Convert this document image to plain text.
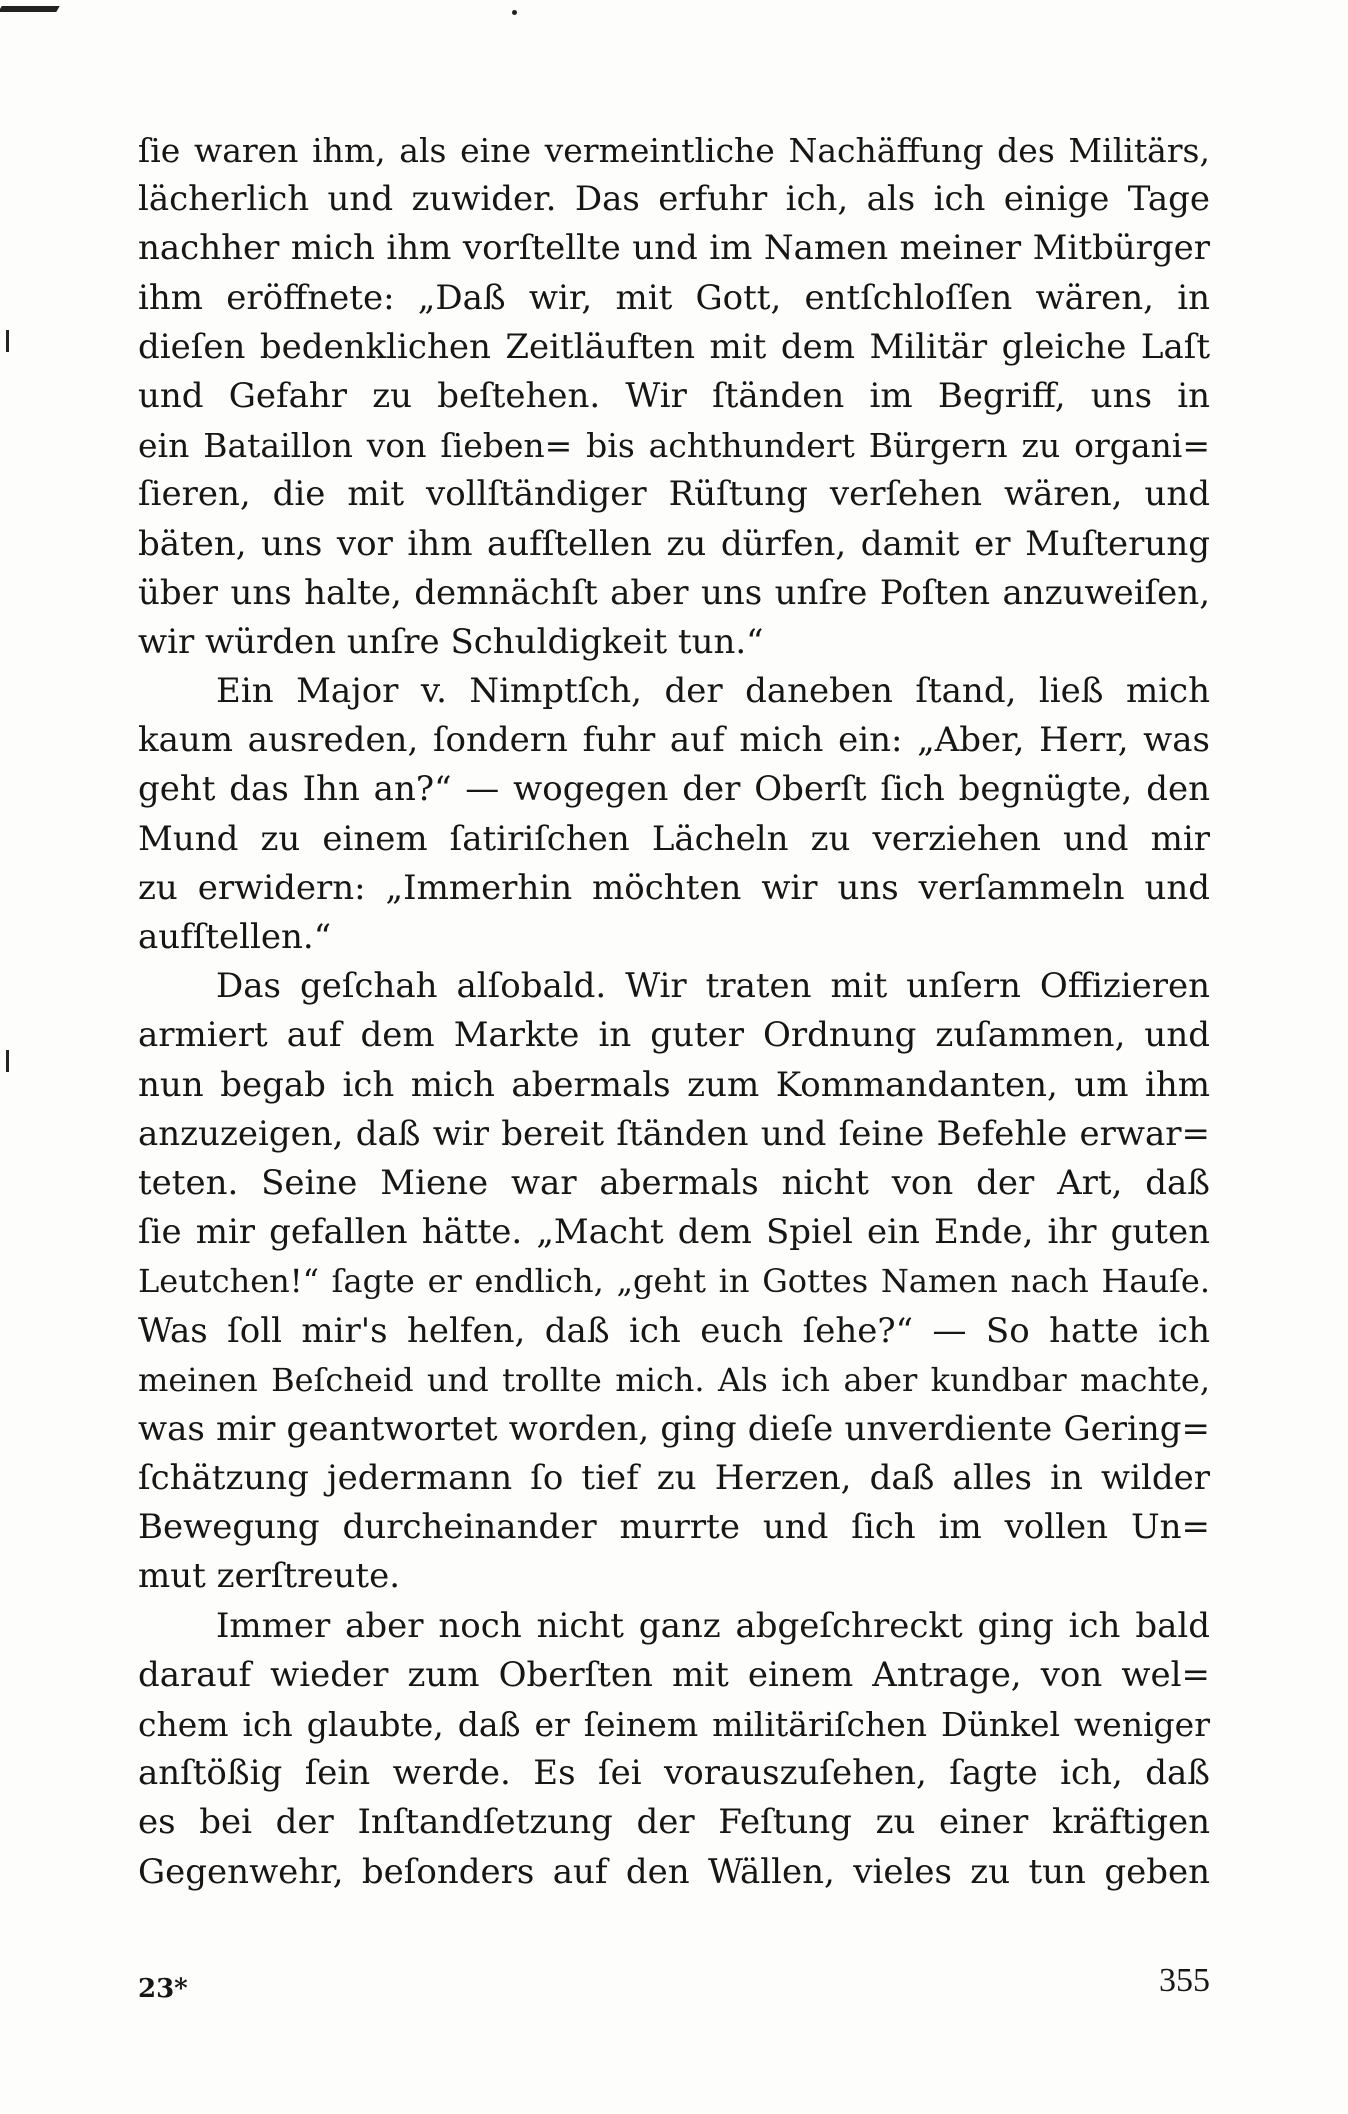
ſie waren ihm, als eine vermeintliche Nachäffung des Militärs,
lächerlich und zuwider. Das erfuhr ich, als ich einige Tage
nachher mich ihm vorſtellte und im Namen meiner Mitbürger
ihm eröffnete: „Daß wir, mit Gott, entſchloſſen wären, in
dieſen bedenklichen Zeitläuften mit dem Militär gleiche Laſt
und Gefahr zu beſtehen. Wir ſtänden im Begriff, uns in
ein Bataillon von ſieben= bis achthundert Bürgern zu organi=
ſieren, die mit vollſtändiger Rüſtung verſehen wären, und
bäten, uns vor ihm aufſtellen zu dürfen, damit er Muſterung
über uns halte, demnächſt aber uns unſre Poſten anzuweiſen,
wir würden unſre Schuldigkeit tun.“
Ein Major v. Nimptſch, der daneben ſtand, ließ mich
kaum ausreden, ſondern fuhr auf mich ein: „Aber, Herr, was
geht das Ihn an?“ — wogegen der Oberſt ſich begnügte, den
Mund zu einem ſatiriſchen Lächeln zu verziehen und mir
zu erwidern: „Immerhin möchten wir uns verſammeln und
aufſtellen.“
Das geſchah alſobald. Wir traten mit unſern Offizieren
armiert auf dem Markte in guter Ordnung zuſammen, und
nun begab ich mich abermals zum Kommandanten, um ihm
anzuzeigen, daß wir bereit ſtänden und ſeine Befehle erwar=
teten. Seine Miene war abermals nicht von der Art, daß
ſie mir gefallen hätte. „Macht dem Spiel ein Ende, ihr guten
Leutchen!“ ſagte er endlich, „geht in Gottes Namen nach Hauſe.
Was ſoll mir's helfen, daß ich euch ſehe?“ — So hatte ich
meinen Beſcheid und trollte mich. Als ich aber kundbar machte,
was mir geantwortet worden, ging dieſe unverdiente Gering=
ſchätzung jedermann ſo tief zu Herzen, daß alles in wilder
Bewegung durcheinander murrte und ſich im vollen Un=
mut zerſtreute.
Immer aber noch nicht ganz abgeſchreckt ging ich bald
darauf wieder zum Oberſten mit einem Antrage, von wel=
chem ich glaubte, daß er ſeinem militäriſchen Dünkel weniger
anſtößig ſein werde. Es ſei vorauszuſehen, ſagte ich, daß
es bei der Inſtandſetzung der Feſtung zu einer kräftigen
Gegenwehr, beſonders auf den Wällen, vieles zu tun geben
23*	355
